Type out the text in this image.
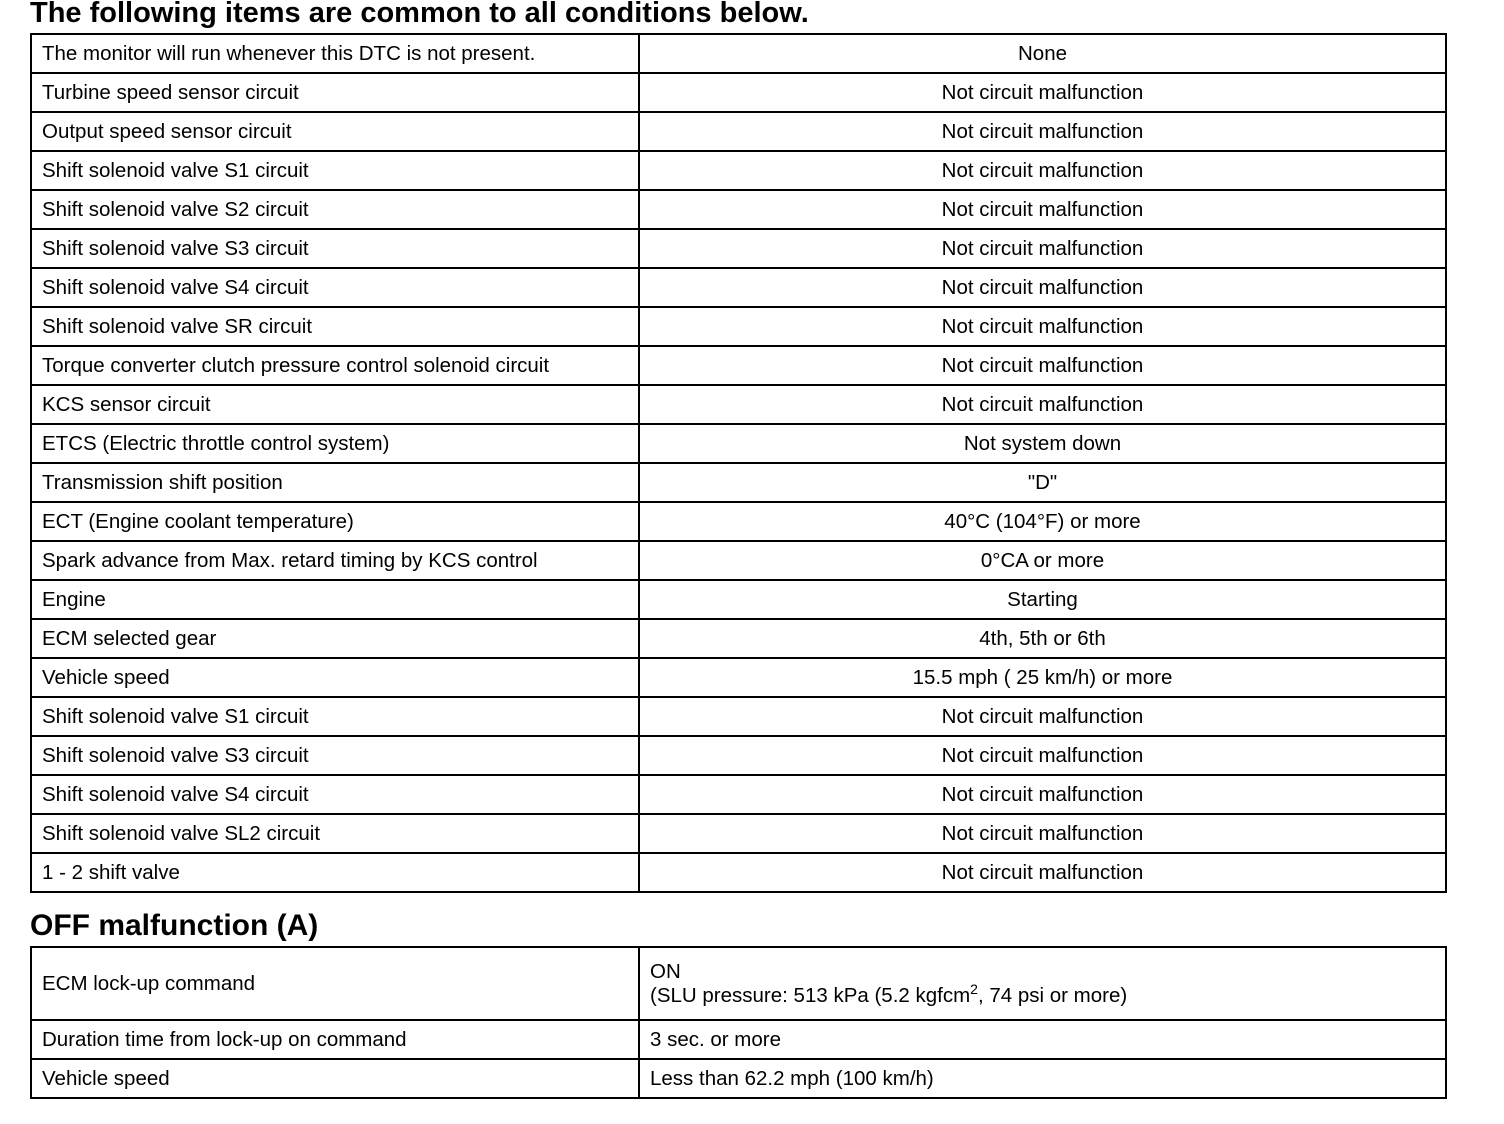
The following items are common to all conditions below.
The monitor will run whenever this DTC is not present.	None
Turbine speed sensor circuit	Not circuit malfunction
Output speed sensor circuit	Not circuit malfunction
Shift solenoid valve S1 circuit	Not circuit malfunction
Shift solenoid valve S2 circuit	Not circuit malfunction
Shift solenoid valve S3 circuit	Not circuit malfunction
Shift solenoid valve S4 circuit	Not circuit malfunction
Shift solenoid valve SR circuit	Not circuit malfunction
Torque converter clutch pressure control solenoid circuit	Not circuit malfunction
KCS sensor circuit	Not circuit malfunction
ETCS (Electric throttle control system)	Not system down
Transmission shift position	"D"
ECT (Engine coolant temperature)	40°C (104°F) or more
Spark advance from Max. retard timing by KCS control	0°CA or more
Engine	Starting
ECM selected gear	4th, 5th or 6th
Vehicle speed	15.5 mph ( 25 km/h) or more
Shift solenoid valve S1 circuit	Not circuit malfunction
Shift solenoid valve S3 circuit	Not circuit malfunction
Shift solenoid valve S4 circuit	Not circuit malfunction
Shift solenoid valve SL2 circuit	Not circuit malfunction
1 - 2 shift valve	Not circuit malfunction
OFF malfunction (A)
ECM lock-up command	ON
(SLU pressure: 513 kPa (5.2 kgfcm$^2$, 74 psi or more)

Duration time from lock-up on command	3 sec. or more
Vehicle speed	Less than 62.2 mph (100 km/h)
